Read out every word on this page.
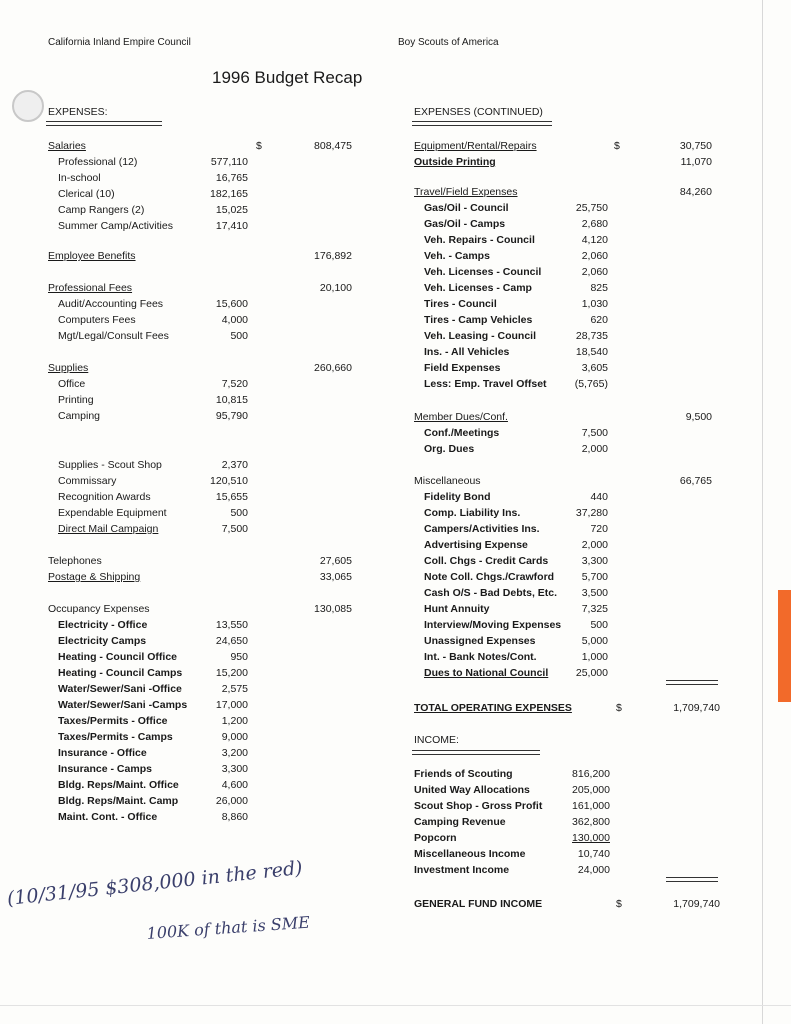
California Inland Empire Council	Boy Scouts of America
1996 Budget Recap
EXPENSES:	EXPENSES (CONTINUED)
Salaries	808,475
$
Professional (12)	577,110
In-school	16,765
Clerical (10)	182,165
Camp Rangers (2)	15,025
Summer Camp/Activities	17,410
Employee Benefits	176,892
Professional Fees	20,100
Audit/Accounting Fees	15,600
Computers Fees	4,000
Mgt/Legal/Consult Fees	500
Supplies	260,660
Office	7,520
Printing	10,815
Camping	95,790
Supplies - Scout Shop	2,370
Commissary	120,510
Recognition Awards	15,655
Expendable Equipment	500
Direct Mail Campaign	7,500
Telephones	27,605
Postage & Shipping	33,065
Occupancy Expenses	130,085
Electricity - Office	13,550
Electricity Camps	24,650
Heating - Council Office	950
Heating - Council Camps	15,200
Water/Sewer/Sani -Office	2,575
Water/Sewer/Sani -Camps	17,000
Taxes/Permits - Office	1,200
Taxes/Permits - Camps	9,000
Insurance - Office	3,200
Insurance - Camps	3,300
Bldg. Reps/Maint. Office	4,600
Bldg. Reps/Maint. Camp	26,000
Maint. Cont. - Office	8,860
Equipment/Rental/Repairs	30,750
$
Outside Printing	11,070
Travel/Field Expenses	84,260
Gas/Oil - Council	25,750
Gas/Oil - Camps	2,680
Veh. Repairs - Council	4,120
Veh. - Camps	2,060
Veh. Licenses - Council	2,060
Veh. Licenses - Camp	825
Tires - Council	1,030
Tires - Camp Vehicles	620
Veh. Leasing - Council	28,735
Ins. - All Vehicles	18,540
Field Expenses	3,605
Less: Emp. Travel Offset	(5,765)
Member Dues/Conf.	9,500
Conf./Meetings	7,500
Org. Dues	2,000
Miscellaneous	66,765
Fidelity Bond	440
Comp. Liability Ins.	37,280
Campers/Activities Ins.	720
Advertising Expense	2,000
Coll. Chgs - Credit Cards	3,300
Note Coll. Chgs./Crawford	5,700
Cash O/S - Bad Debts, Etc.	3,500
Hunt Annuity	7,325
Interview/Moving Expenses	500
Unassigned Expenses	5,000
Int. - Bank Notes/Cont.	1,000
Dues to National Council	25,000
TOTAL OPERATING EXPENSES	$	1,709,740
INCOME:
Friends of Scouting	816,200
United Way Allocations	205,000
Scout Shop - Gross Profit	161,000
Camping Revenue	362,800
Popcorn	130,000
Miscellaneous Income	10,740
Investment Income	24,000
GENERAL FUND INCOME	$	1,709,740
(10/31/95 $308,000 in the red)
100K of that is SME
